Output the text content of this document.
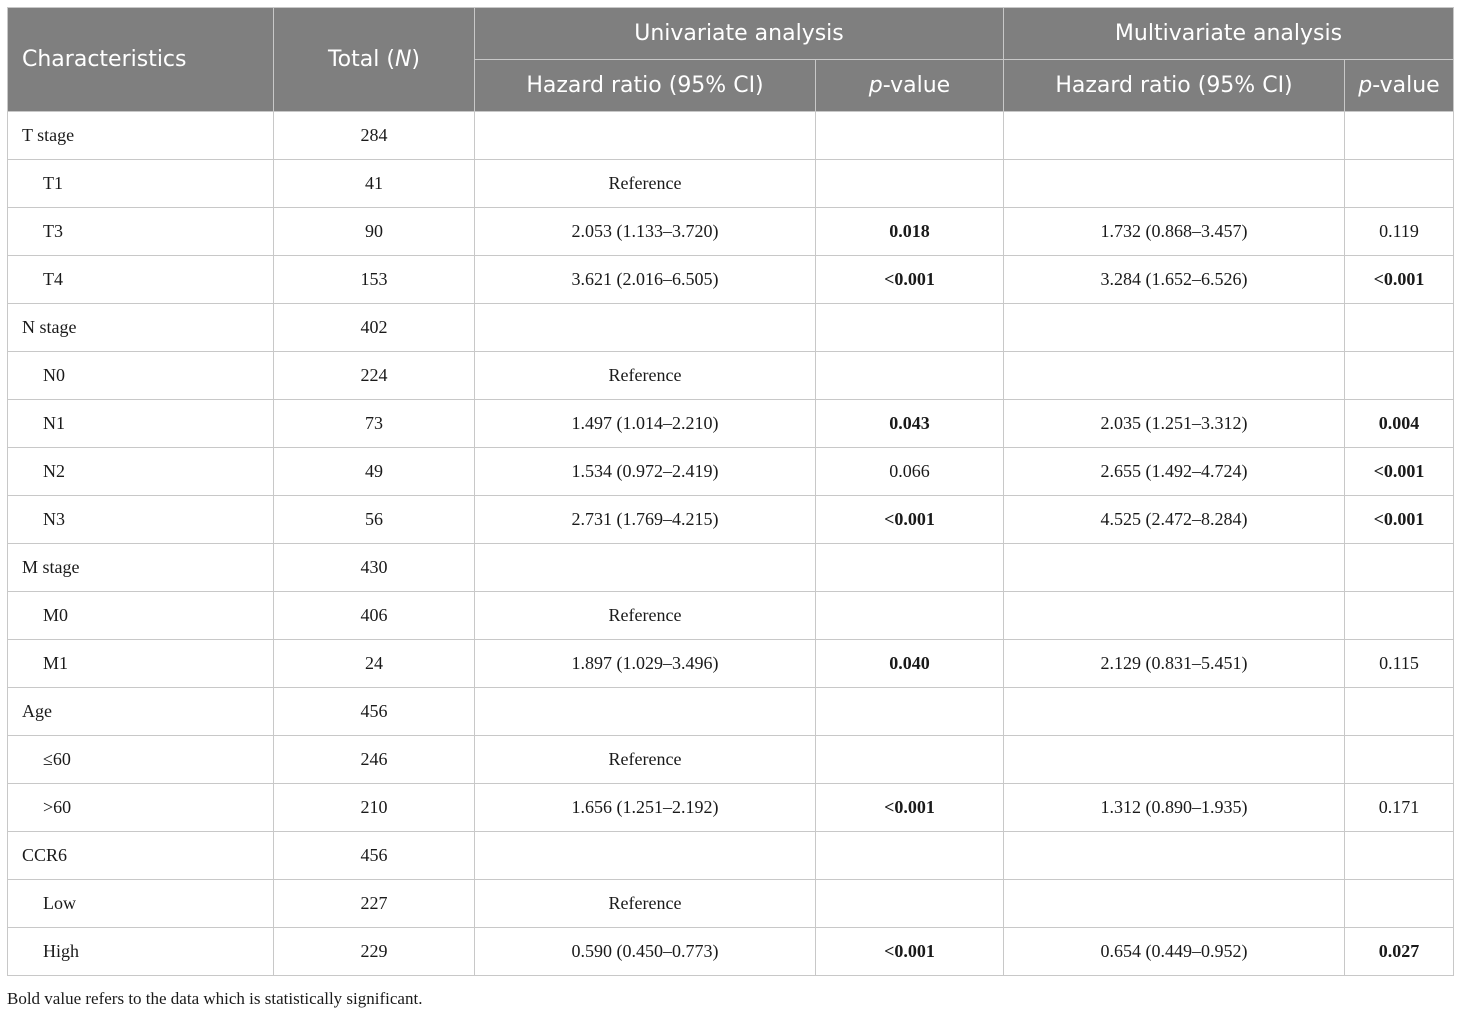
Characteristics	Total (N)	Univariate analysis		Multivariate analysis	
		Hazard ratio (95% CI)	p-value	Hazard ratio (95% CI)	p-value
T stage	284				
T1	41	Reference			
T3	90	2.053 (1.133–3.720)	0.018	1.732 (0.868–3.457)	0.119
T4	153	3.621 (2.016–6.505)	<0.001	3.284 (1.652–6.526)	<0.001
N stage	402				
N0	224	Reference			
N1	73	1.497 (1.014–2.210)	0.043	2.035 (1.251–3.312)	0.004
N2	49	1.534 (0.972–2.419)	0.066	2.655 (1.492–4.724)	<0.001
N3	56	2.731 (1.769–4.215)	<0.001	4.525 (2.472–8.284)	<0.001
M stage	430				
M0	406	Reference			
M1	24	1.897 (1.029–3.496)	0.040	2.129 (0.831–5.451)	0.115
Age	456				
≤60	246	Reference			
>60	210	1.656 (1.251–2.192)	<0.001	1.312 (0.890–1.935)	0.171
CCR6	456				
Low	227	Reference			
High	229	0.590 (0.450–0.773)	<0.001	0.654 (0.449–0.952)	0.027
Bold value refers to the data which is statistically significant.
